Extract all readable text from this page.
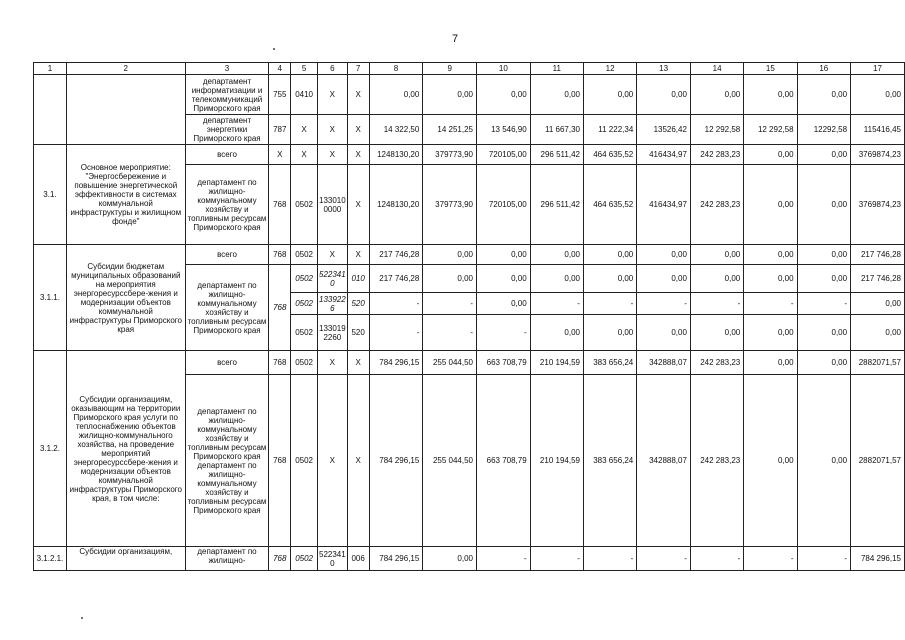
7
1	2	3	4	5	6	7	8	9	10	11	12	13	14	15	16	17
		департамент информатизации и телекоммуникаций Приморского края	755	0410	X	X	0,00	0,00	0,00	0,00	0,00	0,00	0,00	0,00	0,00	0,00
		департамент энергетики Приморского края	787	X	X	X	14 322,50	14 251,25	13 546,90	11 667,30	11 222,34	13526,42	12 292,58	12 292,58	12292,58	115416,45
3.1.	Основное мероприятие: "Энергосбережение и повышение энергетической эффективности в системах коммунальной инфраструктуры и жилищном фонде"	всего	X	X	X	X	1248130,20	379773,90	720105,00	296 511,42	464 635,52	416434,97	242 283,23	0,00	0,00	3769874,23
		департамент по жилищно-коммунальному хозяйству и топливным ресурсам Приморского края	768	0502	133010 0000	X	1248130,20	379773,90	720105,00	296 511,42	464 635,52	416434,97	242 283,23	0,00	0,00	3769874,23
3.1.1.	Субсидии бюджетам муниципальных образований на мероприятия энергоресурссбере-жения и модернизации объектов коммунальной инфраструктуры Приморского края	всего	768	0502	X	X	217 746,28	0,00	0,00	0,00	0,00	0,00	0,00	0,00	0,00	217 746,28
		департамент по жилищно-коммунальному хозяйству и топливным ресурсам Приморского края	768	0502	522341 0	010	217 746,28	0,00	0,00	0,00	0,00	0,00	0,00	0,00	0,00	217 746,28
				0502	133922 6	520	-	-	0,00	-	-	-	-	-	-	0,00
				0502	133019 2260	520	-	-	-	0,00	0,00	0,00	0,00	0,00	0,00	0,00
3.1.2.	Субсидии организациям, оказывающим на территории Приморского края услуги по теплоснабжению объектов жилищно-коммунального хозяйства, на проведение мероприятий энергоресурссбере-жения и модернизации объектов коммунальной инфраструктуры Приморского края, в том числе:	всего	768	0502	X	X	784 296,15	255 044,50	663 708,79	210 194,59	383 656,24	342888,07	242 283,23	0,00	0,00	2882071,57
		департамент по жилищно-коммунальному хозяйству и топливным ресурсам Приморского края департамент по жилищно-коммунальному хозяйству и топливным ресурсам Приморского края	768	0502	X	X	784 296,15	255 044,50	663 708,79	210 194,59	383 656,24	342888,07	242 283,23	0,00	0,00	2882071,57
3.1.2.1.	Субсидии организациям,	департамент по жилищно-	768	0502	522341 0	006	784 296,15	0,00	-	-	-	-	-	-	-	784 296,15
